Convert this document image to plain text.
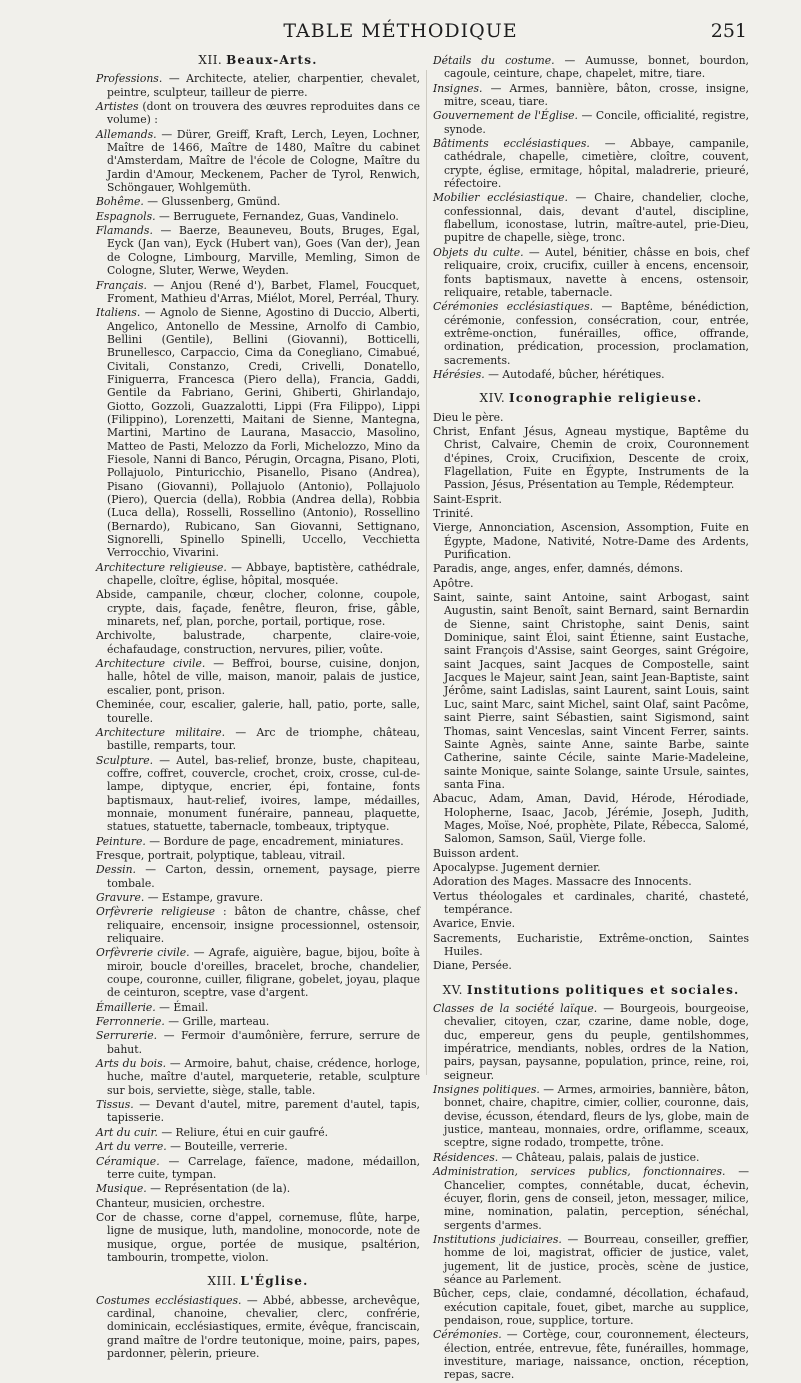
TABLE MÉTHODIQUE	251
XII. Beaux-Arts.
Professions. — Architecte, atelier, charpentier, chevalet, peintre, sculpteur, tailleur de pierre.
Artistes (dont on trouvera des œuvres reproduites dans ce volume) :
Allemands. — Dürer, Greiff, Kraft, Lerch, Leyen, Lochner, Maître de 1466, Maître de 1480, Maître du cabinet d'Amsterdam, Maître de l'école de Cologne, Maître du Jardin d'Amour, Meckenem, Pacher de Tyrol, Renwich, Schöngauer, Wohlgemüth.
Bohême. — Glussenberg, Gmünd.
Espagnols. — Berruguete, Fernandez, Guas, Vandinelo.
Flamands. — Baerze, Beauneveu, Bouts, Bruges, Egal, Eyck (Jan van), Eyck (Hubert van), Goes (Van der), Jean de Cologne, Limbourg, Marville, Memling, Simon de Cologne, Sluter, Werwe, Weyden.
Français. — Anjou (René d'), Barbet, Flamel, Foucquet, Froment, Mathieu d'Arras, Miélot, Morel, Perréal, Thury.
Italiens. — Agnolo de Sienne, Agostino di Duccio, Alberti, Angelico, Antonello de Messine, Arnolfo di Cambio, Bellini (Gentile), Bellini (Giovanni), Botticelli, Brunellesco, Carpaccio, Cima da Conegliano, Cimabué, Civitali, Constanzo, Credi, Crivelli, Donatello, Finiguerra, Francesca (Piero della), Francia, Gaddi, Gentile da Fabriano, Gerini, Ghiberti, Ghirlandajo, Giotto, Gozzoli, Guazzalotti, Lippi (Fra Filippo), Lippi (Filippino), Lorenzetti, Maitani de Sienne, Mantegna, Martini, Martino de Laurana, Masaccio, Masolino, Matteo de Pasti, Melozzo da Forli, Michelozzo, Mino da Fiesole, Nanni di Banco, Pérugin, Orcagna, Pisano, Ploti, Pollajuolo, Pinturicchio, Pisanello, Pisano (Andrea), Pisano (Giovanni), Pollajuolo (Antonio), Pollajuolo (Piero), Quercia (della), Robbia (Andrea della), Robbia (Luca della), Rosselli, Rossellino (Antonio), Rossellino (Bernardo), Rubicano, San Giovanni, Settignano, Signorelli, Spinello Spinelli, Uccello, Vecchietta Verrocchio, Vivarini.
Architecture religieuse. — Abbaye, baptistère, cathédrale, chapelle, cloître, église, hôpital, mosquée.
Abside, campanile, chœur, clocher, colonne, coupole, crypte, dais, façade, fenêtre, fleuron, frise, gâble, minarets, nef, plan, porche, portail, portique, rose.
Archivolte, balustrade, charpente, claire-voie, échafaudage, construction, nervures, pilier, voûte.
Architecture civile. — Beffroi, bourse, cuisine, donjon, halle, hôtel de ville, maison, manoir, palais de justice, escalier, pont, prison.
Cheminée, cour, escalier, galerie, hall, patio, porte, salle, tourelle.
Architecture militaire. — Arc de triomphe, château, bastille, remparts, tour.
Sculpture. — Autel, bas-relief, bronze, buste, chapiteau, coffre, coffret, couvercle, crochet, croix, crosse, cul-de-lampe, diptyque, encrier, épi, fontaine, fonts baptismaux, haut-relief, ivoires, lampe, médailles, monnaie, monument funéraire, panneau, plaquette, statues, statuette, tabernacle, tombeaux, triptyque.
Peinture. — Bordure de page, encadrement, miniatures.
Fresque, portrait, polyptique, tableau, vitrail.
Dessin. — Carton, dessin, ornement, paysage, pierre tombale.
Gravure. — Estampe, gravure.
Orfèvrerie religieuse : bâton de chantre, châsse, chef reliquaire, encensoir, insigne processionnel, ostensoir, reliquaire.
Orfèvrerie civile. — Agrafe, aiguière, bague, bijou, boîte à miroir, boucle d'oreilles, bracelet, broche, chandelier, coupe, couronne, cuiller, filigrane, gobelet, joyau, plaque de ceinturon, sceptre, vase d'argent.
Émaillerie. — Émail.
Ferronnerie. — Grille, marteau.
Serrurerie. — Fermoir d'aumônière, ferrure, serrure de bahut.
Arts du bois. — Armoire, bahut, chaise, crédence, horloge, huche, maître d'autel, marqueterie, retable, sculpture sur bois, serviette, siège, stalle, table.
Tissus. — Devant d'autel, mitre, parement d'autel, tapis, tapisserie.
Art du cuir. — Reliure, étui en cuir gaufré.
Art du verre. — Bouteille, verrerie.
Céramique. — Carrelage, faïence, madone, médaillon, terre cuite, tympan.
Musique. — Représentation (de la).
Chanteur, musicien, orchestre.
Cor de chasse, corne d'appel, cornemuse, flûte, harpe, ligne de musique, luth, mandoline, monocorde, note de musique, orgue, portée de musique, psaltérion, tambourin, trompette, violon.
XIII. L'Église.
Costumes ecclésiastiques. — Abbé, abbesse, archevêque, cardinal, chanoine, chevalier, clerc, confrérie, dominicain, ecclésiastiques, ermite, évêque, franciscain, grand maître de l'ordre teutonique, moine, pairs, papes, pardonner, pèlerin, prieure.
Détails du costume. — Aumusse, bonnet, bourdon, cagoule, ceinture, chape, chapelet, mitre, tiare.
Insignes. — Armes, bannière, bâton, crosse, insigne, mitre, sceau, tiare.
Gouvernement de l'Église. — Concile, officialité, registre, synode.
Bâtiments ecclésiastiques. — Abbaye, campanile, cathédrale, chapelle, cimetière, cloître, couvent, crypte, église, ermitage, hôpital, maladrerie, prieuré, réfectoire.
Mobilier ecclésiastique. — Chaire, chandelier, cloche, confessionnal, dais, devant d'autel, discipline, flabellum, iconostase, lutrin, maître-autel, prie-Dieu, pupitre de chapelle, siège, tronc.
Objets du culte. — Autel, bénitier, châsse en bois, chef reliquaire, croix, crucifix, cuiller à encens, encensoir, fonts baptismaux, navette à encens, ostensoir, reliquaire, retable, tabernacle.
Cérémonies ecclésiastiques. — Baptême, bénédiction, cérémonie, confession, consécration, cour, entrée, extrême-onction, funérailles, office, offrande, ordination, prédication, procession, proclamation, sacrements.
Hérésies. — Autodafé, bûcher, hérétiques.
XIV. Iconographie religieuse.
Dieu le père.
Christ, Enfant Jésus, Agneau mystique, Baptême du Christ, Calvaire, Chemin de croix, Couronnement d'épines, Croix, Crucifixion, Descente de croix, Flagellation, Fuite en Égypte, Instruments de la Passion, Jésus, Présentation au Temple, Rédempteur.
Saint-Esprit.
Trinité.
Vierge, Annonciation, Ascension, Assomption, Fuite en Égypte, Madone, Nativité, Notre-Dame des Ardents, Purification.
Paradis, ange, anges, enfer, damnés, démons.
Apôtre.
Saint, sainte, saint Antoine, saint Arbogast, saint Augustin, saint Benoît, saint Bernard, saint Bernardin de Sienne, saint Christophe, saint Denis, saint Dominique, saint Éloi, saint Étienne, saint Eustache, saint François d'Assise, saint Georges, saint Grégoire, saint Jacques, saint Jacques de Compostelle, saint Jacques le Majeur, saint Jean, saint Jean-Baptiste, saint Jérôme, saint Ladislas, saint Laurent, saint Louis, saint Luc, saint Marc, saint Michel, saint Olaf, saint Pacôme, saint Pierre, saint Sébastien, saint Sigismond, saint Thomas, saint Venceslas, saint Vincent Ferrer, saints. Sainte Agnès, sainte Anne, sainte Barbe, sainte Catherine, sainte Cécile, sainte Marie-Madeleine, sainte Monique, sainte Solange, sainte Ursule, saintes, santa Fina.
Abacuc, Adam, Aman, David, Hérode, Hérodiade, Holopherne, Isaac, Jacob, Jérémie, Joseph, Judith, Mages, Moïse, Noé, prophète, Pilate, Rébecca, Salomé, Salomon, Samson, Saül, Vierge folle.
Buisson ardent.
Apocalypse. Jugement dernier.
Adoration des Mages. Massacre des Innocents.
Vertus théologales et cardinales, charité, chasteté, tempérance.
Avarice, Envie.
Sacrements, Eucharistie, Extrême-onction, Saintes Huiles.
Diane, Persée.
XV. Institutions politiques et sociales.
Classes de la société laïque. — Bourgeois, bourgeoise, chevalier, citoyen, czar, czarine, dame noble, doge, duc, empereur, gens du peuple, gentilshommes, impératrice, mendiants, nobles, ordres de la Nation, pairs, paysan, paysanne, population, prince, reine, roi, seigneur.
Insignes politiques. — Armes, armoiries, bannière, bâton, bonnet, chaire, chapitre, cimier, collier, couronne, dais, devise, écusson, étendard, fleurs de lys, globe, main de justice, manteau, monnaies, ordre, oriflamme, sceaux, sceptre, signe rodado, trompette, trône.
Résidences. — Château, palais, palais de justice.
Administration, services publics, fonctionnaires. — Chancelier, comptes, connétable, ducat, échevin, écuyer, florin, gens de conseil, jeton, messager, milice, mine, nomination, palatin, perception, sénéchal, sergents d'armes.
Institutions judiciaires. — Bourreau, conseiller, greffier, homme de loi, magistrat, officier de justice, valet, jugement, lit de justice, procès, scène de justice, séance au Parlement.
Bûcher, ceps, claie, condamné, décollation, échafaud, exécution capitale, fouet, gibet, marche au supplice, pendaison, roue, supplice, torture.
Cérémonies. — Cortège, cour, couronnement, électeurs, élection, entrée, entrevue, fête, funérailles, hommage, investiture, mariage, naissance, onction, réception, repas, sacre.
